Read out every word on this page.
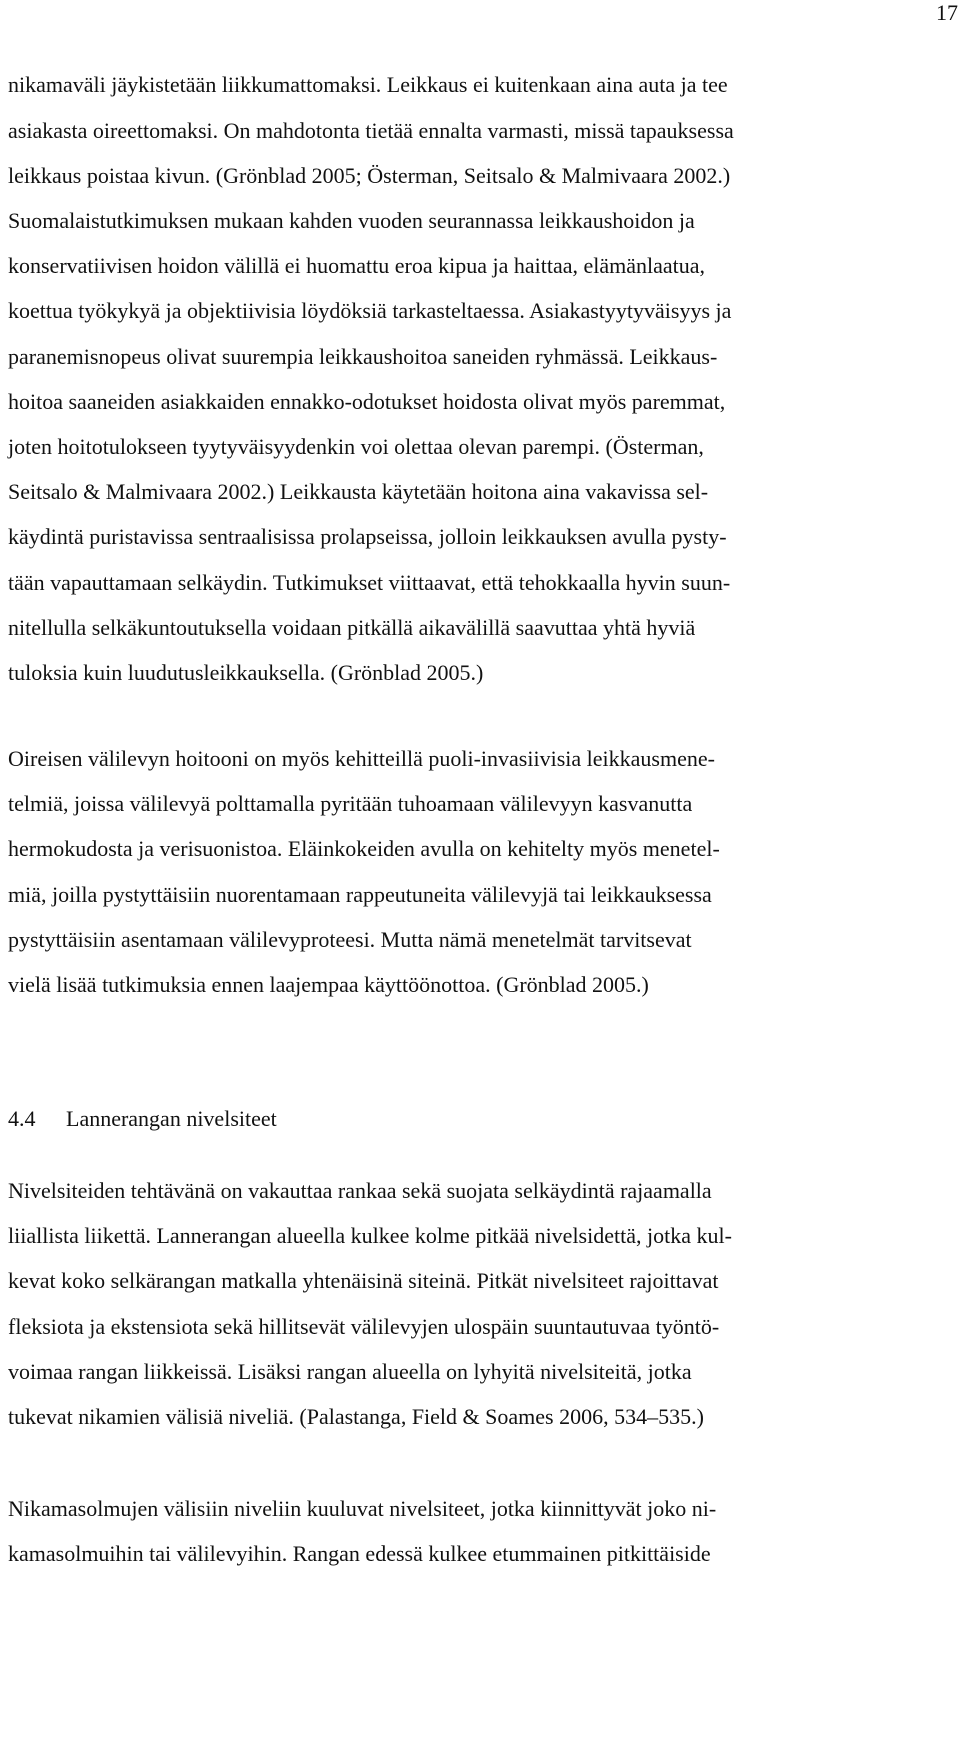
17
nikamaväli jäykistetään liikkumattomaksi. Leikkaus ei kuitenkaan aina auta ja tee
asiakasta oireettomaksi. On mahdotonta tietää ennalta varmasti, missä tapauksessa
leikkaus poistaa kivun. (Grönblad 2005; Österman, Seitsalo & Malmivaara 2002.)
Suomalaistutkimuksen mukaan kahden vuoden seurannassa leikkaushoidon ja
konservatiivisen hoidon välillä ei huomattu eroa kipua ja haittaa, elämänlaatua,
koettua työkykyä ja objektiivisia löydöksiä tarkasteltaessa. Asiakastyytyväisyys ja
paranemisnopeus olivat suurempia leikkaushoitoa saneiden ryhmässä. Leikkaus-
hoitoa saaneiden asiakkaiden ennakko-odotukset hoidosta olivat myös paremmat,
joten hoitotulokseen tyytyväisyydenkin voi olettaa olevan parempi. (Österman,
Seitsalo & Malmivaara 2002.) Leikkausta käytetään hoitona aina vakavissa sel-
käydintä puristavissa sentraalisissa prolapseissa, jolloin leikkauksen avulla pysty-
tään vapauttamaan selkäydin. Tutkimukset viittaavat, että tehokkaalla hyvin suun-
nitellulla selkäkuntoutuksella voidaan pitkällä aikavälillä saavuttaa yhtä hyviä
tuloksia kuin luudutusleikkauksella. (Grönblad 2005.)
Oireisen välilevyn hoitooni on myös kehitteillä puoli-invasiivisia leikkausmene-
telmiä, joissa välilevyä polttamalla pyritään tuhoamaan välilevyyn kasvanutta
hermokudosta ja verisuonistoa. Eläinkokeiden avulla on kehitelty myös menetel-
miä, joilla pystyttäisiin nuorentamaan rappeutuneita välilevyjä tai leikkauksessa
pystyttäisiin asentamaan välilevyproteesi. Mutta nämä menetelmät tarvitsevat
vielä lisää tutkimuksia ennen laajempaa käyttöönottoa. (Grönblad 2005.)
4.4 Lannerangan nivelsiteet
Nivelsiteiden tehtävänä on vakauttaa rankaa sekä suojata selkäydintä rajaamalla
liiallista liikettä. Lannerangan alueella kulkee kolme pitkää nivelsidettä, jotka kul-
kevat koko selkärangan matkalla yhtenäisinä siteinä. Pitkät nivelsiteet rajoittavat
fleksiota ja ekstensiota sekä hillitsevät välilevyjen ulospäin suuntautuvaa työntö-
voimaa rangan liikkeissä. Lisäksi rangan alueella on lyhyitä nivelsiteitä, jotka
tukevat nikamien välisiä niveliä. (Palastanga, Field & Soames 2006, 534–535.)
Nikamasolmujen välisiin niveliin kuuluvat nivelsiteet, jotka kiinnittyvät joko ni-
kamasolmuihin tai välilevyihin. Rangan edessä kulkee etummainen pitkittäiside
